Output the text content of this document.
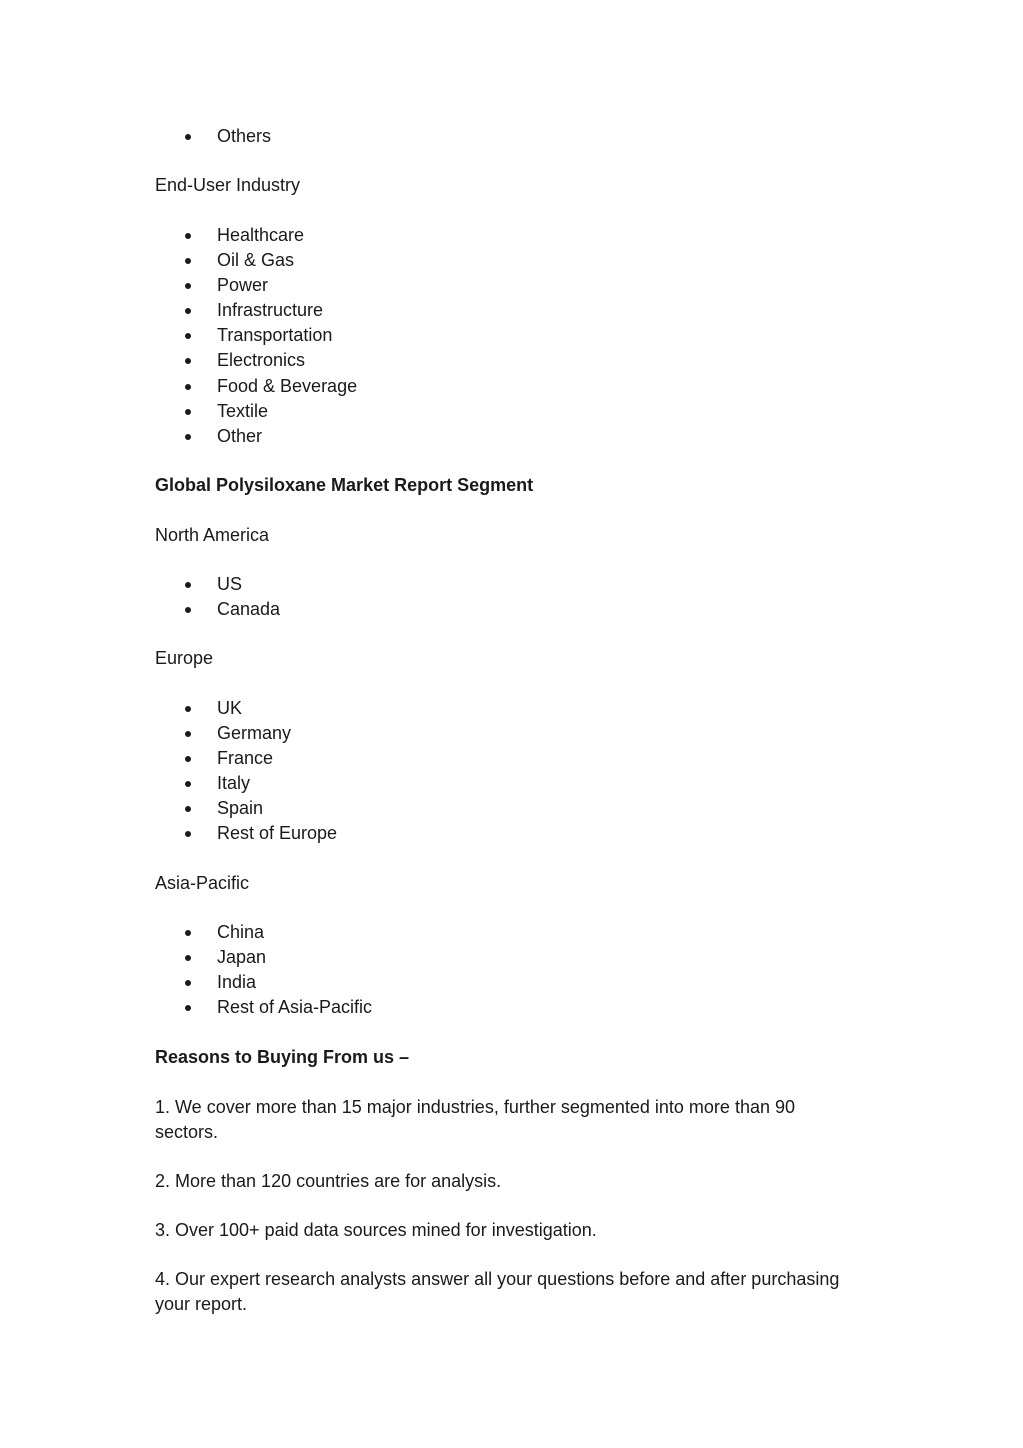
Others
End-User Industry
Healthcare
Oil & Gas
Power
Infrastructure
Transportation
Electronics
Food & Beverage
Textile
Other
Global Polysiloxane Market Report Segment
North America
US
Canada
Europe
UK
Germany
France
Italy
Spain
Rest of Europe
Asia-Pacific
China
Japan
India
Rest of Asia-Pacific
Reasons to Buying From us –
1. We cover more than 15 major industries, further segmented into more than 90 sectors.
2. More than 120 countries are for analysis.
3. Over 100+ paid data sources mined for investigation.
4. Our expert research analysts answer all your questions before and after purchasing your report.
